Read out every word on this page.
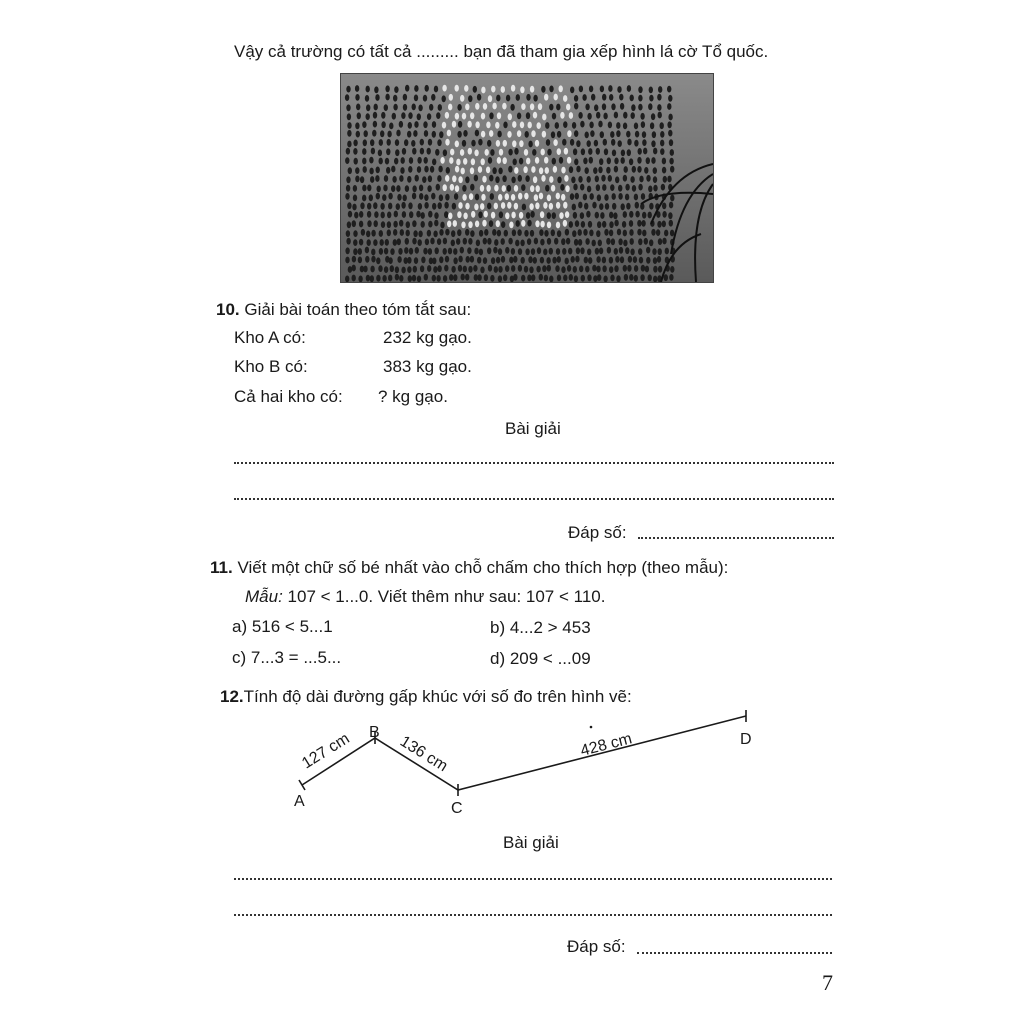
Vậy cả trường có tất cả ......... bạn đã tham gia xếp hình lá cờ Tổ quốc.
10. Giải bài toán theo tóm tắt sau:
Kho A có:	232 kg gạo.
Kho B có:	383 kg gạo.
Cả hai kho có: ? kg gạo.
Bài giải
Đáp số:
11. Viết một chữ số bé nhất vào chỗ chấm cho thích hợp (theo mẫu):
Mẫu: 107 < 1...0. Viết thêm như sau: 107 < 110.
a) 516 < 5...1	b) 4...2 > 453
c) 7...3 = ...5...	d) 209 < ...09
12.Tính độ dài đường gấp khúc với số đo trên hình vẽ:
A
B
C
D
127 cm	136 cm	428 cm
Bài giải
Đáp số:
7
